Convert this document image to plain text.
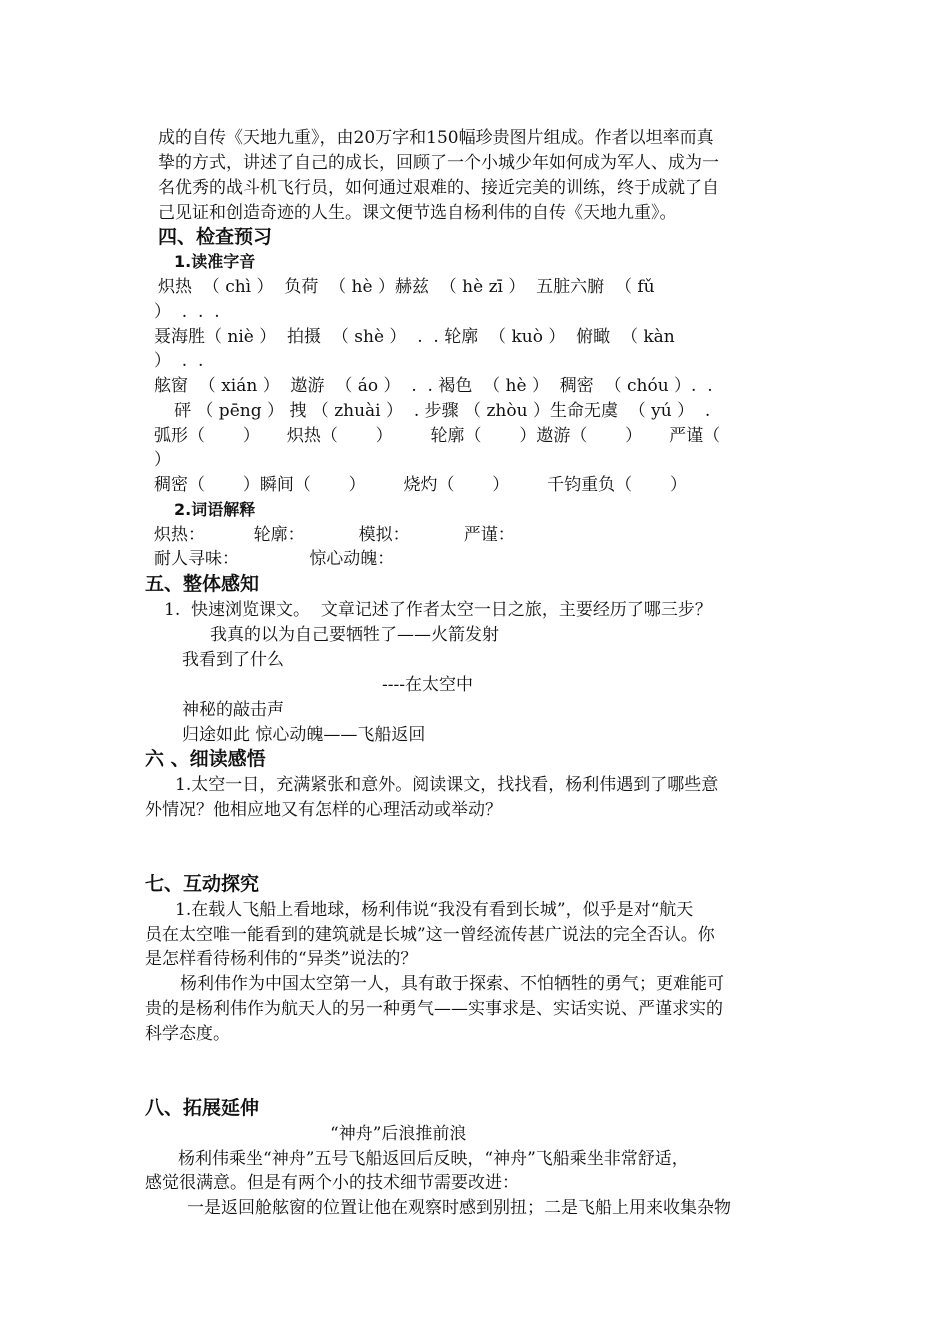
成的自传《天地九重》，由20万字和150幅珍贵图片组成。作者以坦率而真
挚的方式，讲述了自己的成长，回顾了一个小城少年如何成为军人、成为一
名优秀的战斗机飞行员，如何通过艰难的、接近完美的训练，终于成就了自
己见证和创造奇迹的人生。课文便节选自杨利伟的自传《天地九重》。
四、检查预习
1.读准字音
炽热  （ chì ）  负荷  （ hè ）赫兹  （ hè zī ）  五脏六腑  （ fǔ
）  .  .  .
聂海胜（ niè ）  拍摄  （ shè ）  .  . 轮廓  （ kuò ）  俯瞰  （ kàn
）  .  .
舷窗  （ xián ）  遨游  （ áo ）  .  . 褐色  （ hè ）  稠密  （ chóu ）.  .
砰 （ pēng ） 拽 （ zhuài ）  . 步骤 （ zhòu ）生命无虞  （ yú ）  .
弧形（       ）     炽热（       ）       轮廓（       ）遨游（       ）     严谨（
）
稠密（       ）瞬间（       ）       烧灼（       ）       千钧重负（       ）
2.词语解释
炽热：         轮廓：          模拟：          严谨：
耐人寻味：             惊心动魄：
五、整体感知
1.  快速浏览课文。  文章记述了作者太空一日之旅，主要经历了哪三步？
我真的以为自己要牺牲了——火箭发射
我看到了什么
----在太空中
神秘的敲击声
归途如此 惊心动魄——飞船返回
六 、细读感悟
1.太空一日，充满紧张和意外。阅读课文，找找看，杨利伟遇到了哪些意
外情况？他相应地又有怎样的心理活动或举动？
七、互动探究
1.在载人飞船上看地球，杨利伟说“我没有看到长城”，似乎是对“航天
员在太空唯一能看到的建筑就是长城”这一曾经流传甚广说法的完全否认。你
是怎样看待杨利伟的“异类”说法的？
杨利伟作为中国太空第一人，具有敢于探索、不怕牺牲的勇气；更难能可
贵的是杨利伟作为航天人的另一种勇气——实事求是、实话实说、严谨求实的
科学态度。
八、拓展延伸
“神舟”后浪推前浪
杨利伟乘坐“神舟”五号飞船返回后反映，“神舟”飞船乘坐非常舒适，
感觉很满意。但是有两个小的技术细节需要改进：
一是返回舱舷窗的位置让他在观察时感到别扭；二是飞船上用来收集杂物
